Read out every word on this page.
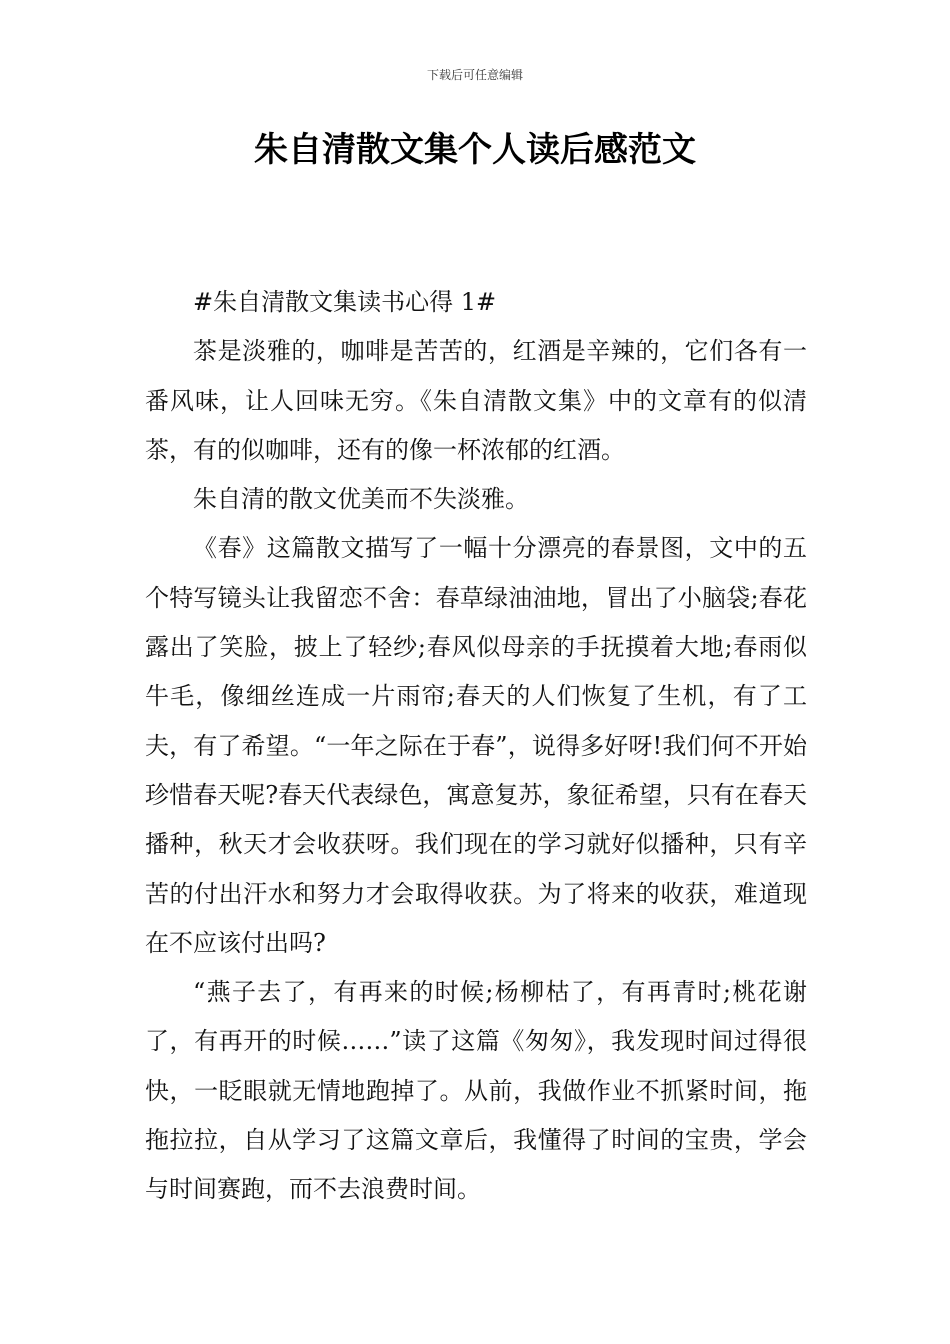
下载后可任意编辑
朱自清散文集个人读后感范文

#朱自清散文集读书心得 1#

茶是淡雅的，咖啡是苦苦的，红酒是辛辣的，它们各有一番风味，让人回味无穷。《朱自清散文集》中的文章有的似清茶，有的似咖啡，还有的像一杯浓郁的红酒。

朱自清的散文优美而不失淡雅。

《春》这篇散文描写了一幅十分漂亮的春景图，文中的五个特写镜头让我留恋不舍：春草绿油油地，冒出了小脑袋;春花露出了笑脸，披上了轻纱;春风似母亲的手抚摸着大地;春雨似牛毛，像细丝连成一片雨帘;春天的人们恢复了生机，有了工夫，有了希望。“一年之际在于春”，说得多好呀!我们何不开始珍惜春天呢?春天代表绿色，寓意复苏，象征希望，只有在春天播种，秋天才会收获呀。我们现在的学习就好似播种，只有辛苦的付出汗水和努力才会取得收获。为了将来的收获，难道现在不应该付出吗?

“燕子去了，有再来的时候;杨柳枯了，有再青时;桃花谢了，有再开的时候……”读了这篇《匆匆》，我发现时间过得很快，一眨眼就无情地跑掉了。从前，我做作业不抓紧时间，拖拖拉拉，自从学习了这篇文章后，我懂得了时间的宝贵，学会与时间赛跑，而不去浪费时间。
